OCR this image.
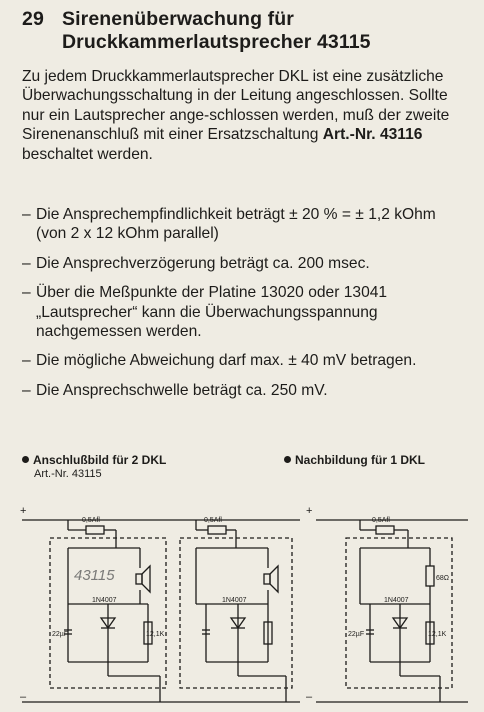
29 Sirenenüberwachung für
Druckkammerlautsprecher 43115
Zu jedem Druckkammerlautsprecher DKL ist eine zusätzliche Überwachungsschaltung in der Leitung angeschlossen. Sollte nur ein Lautsprecher ange-schlossen werden, muß der zweite Sirenenanschluß mit einer Ersatzschaltung Art.-Nr. 43116 beschaltet werden.
– Die Ansprechempfindlichkeit beträgt ± 20 % = ± 1,2 kOhm (von 2 x 12 kOhm parallel)
– Die Ansprechverzögerung beträgt ca. 200 msec.
– Über die Meßpunkte der Platine 13020 oder 13041 „Lautsprecher“ kann die Überwachungsspannung nachgemessen werden.
– Die mögliche Abweichung darf max. ± 40 mV betragen.
– Die Ansprechschwelle beträgt ca. 250 mV.
Anschlußbild für 2 DKL
Art.-Nr. 43115
Nachbildung für 1 DKL
+
–
+
–
0,5Afl	0,5Afl	0,5Afl
1N4007	1N4007	1N4007
22µF	22µF
12,1K	12,1K
68Ω
43115
